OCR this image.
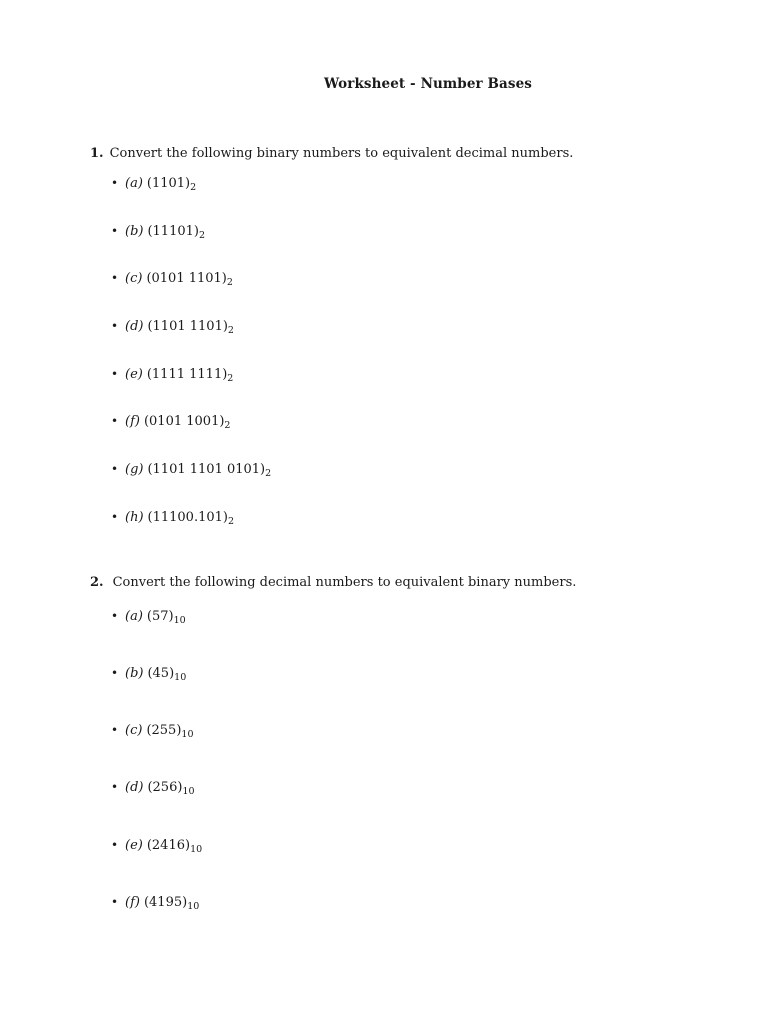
Worksheet - Number Bases
1. Convert the following binary numbers to equivalent decimal numbers.
• (a) $(1101)_2$
• (b) $(11101)_2$
• (c) (0101 $1101)_2$
• (d) (1101 $1101)_2$
• (e) (1111 $1111)_2$
• (f) (0101 $1001)_2$
• (g) (1101 1101 $0101)_2$
• (h) $(11100.101)_2$
2. Convert the following decimal numbers to equivalent binary numbers.
• (a) $(57)_{10}$
• (b) $(45)_{10}$
• (c) $(255)_{10}$
• (d) $(256)_{10}$
• (e) $(2416)_{10}$
• (f) $(4195)_{10}$
